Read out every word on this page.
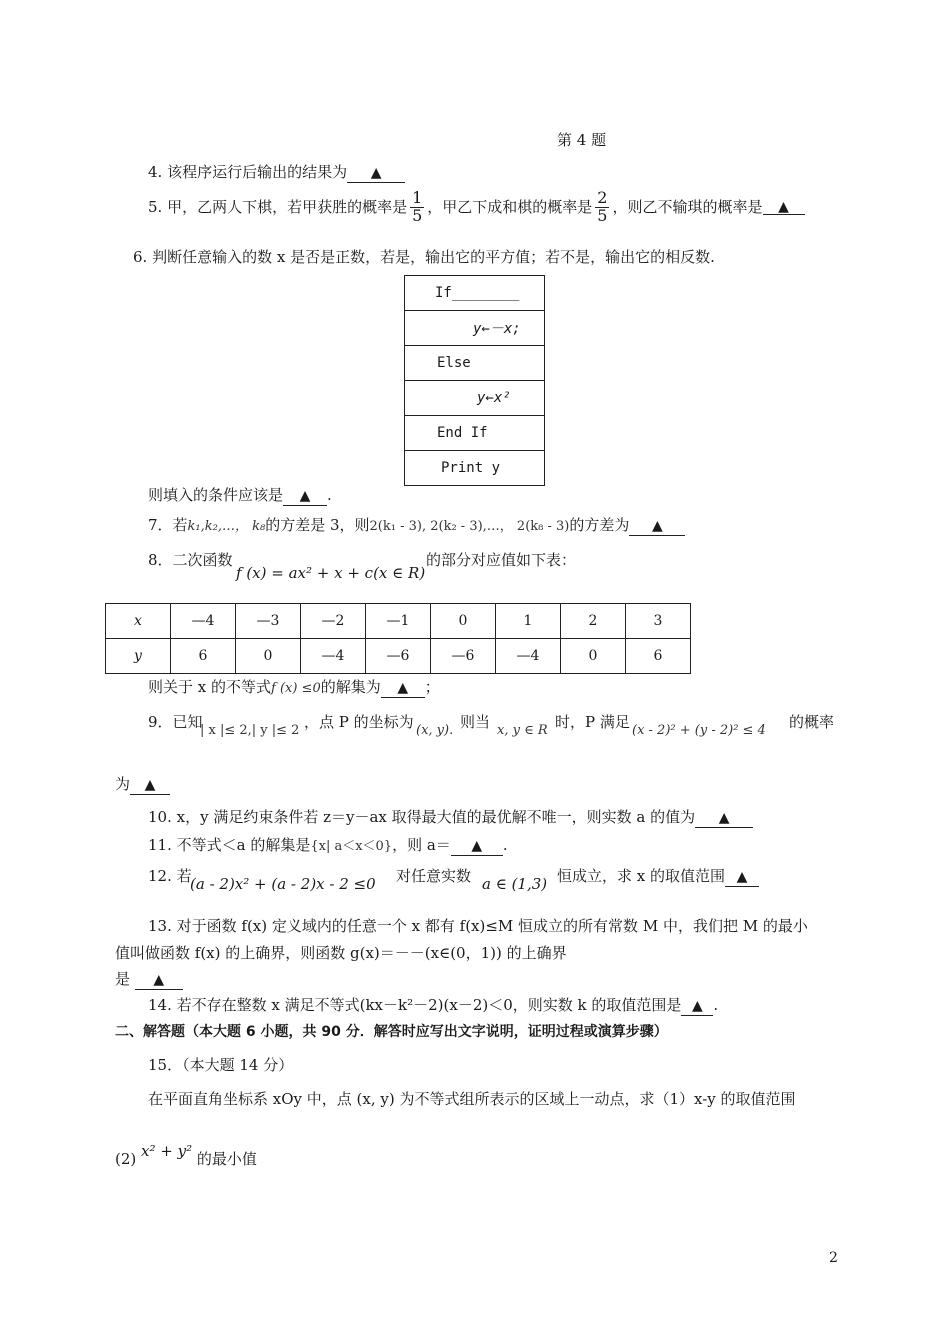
第 4 题
4. 该程序运行后输出的结果为 ▲
5. 甲，乙两人下棋，若甲获胜的概率是 $\frac{1}{5}$ ，甲乙下成和棋的概率是 $\frac{2}{5}$ ，则乙不输琪的概率是 ▲
6. 判断任意输入的数 x 是否是正数，若是，输出它的平方值；若不是，输出它的相反数.
If________
y←－x;
Else
y←x²
End If
Print y
则填入的条件应该是 ▲ .
7．若k₁,k₂,…， k₈的方差是 3，则2(k₁ - 3), 2(k₂ - 3),…， 2(k₈ - 3)的方差为 ▲
8．二次函数
f (x) = ax² + x + c(x ∈ R)
的部分对应值如下表：
x	—4	—3	—2	—1	0	1	2	3
y	6	0	—4	—6	—6	—4	0	6
则关于 x 的不等式f (x) ≤0的解集为 ▲ ；
9．已知
| x |≤ 2,| y |≤ 2 ，点 P 的坐标为 (x, y). 则当 x, y ∈ R 时，P 满足 (x - 2)² + (y - 2)² ≤ 4 的概率
为 ▲
10. x，y 满足约束条件若 z＝y－ax 取得最大值的最优解不唯一，则实数 a 的值为 ▲
11. 不等式＜a 的解集是{x| a＜x＜0}，则 a＝ ▲ .
12. 若
(a - 2)x² + (a - 2)x - 2 ≤0 对任意实数 a ∈ (1,3) 恒成立，求 x 的取值范围 ▲
13. 对于函数 f(x) 定义域内的任意一个 x 都有 f(x)≤M 恒成立的所有常数 M 中，我们把 M 的最小
值叫做函数 f(x) 的上确界，则函数 g(x)＝－－(x∈(0，1)) 的上确界
是 ▲
14. 若不存在整数 x 满足不等式(kx－k²－2)(x－2)＜0，则实数 k 的取值范围是 ▲ .
二、解答题（本大题 6 小题，共 90 分．解答时应写出文字说明，证明过程或演算步骤）
15．（本大题 14 分）
在平面直角坐标系 xOy 中，点 (x, y) 为不等式组所表示的区域上一动点，求（1）x-y 的取值范围
(2) x² + y² 的最小值
2
